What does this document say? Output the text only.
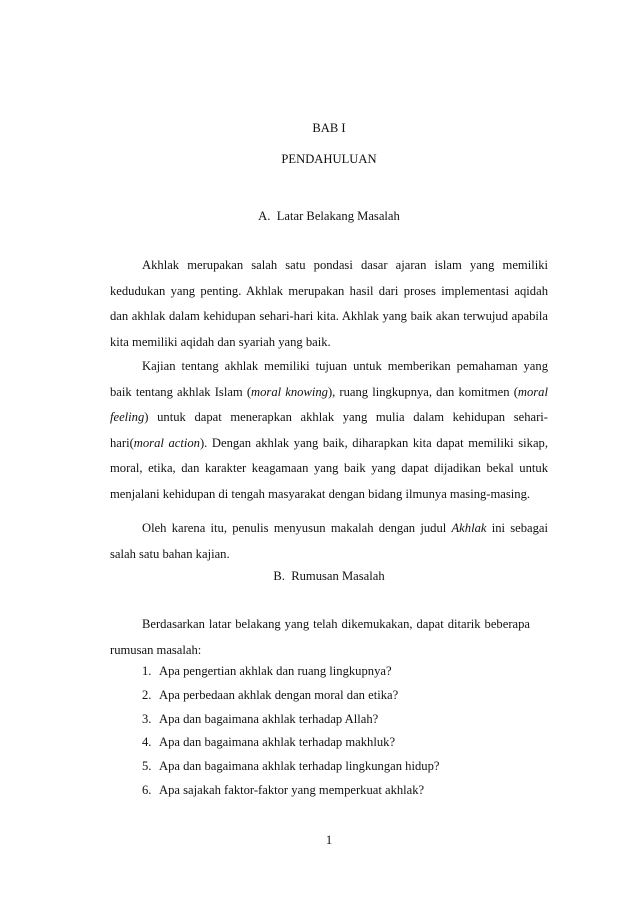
BAB I
PENDAHULUAN
A. Latar Belakang Masalah

Akhlak merupakan salah satu pondasi dasar ajaran islam yang memiliki kedudukan yang penting. Akhlak merupakan hasil dari proses implementasi aqidah dan akhlak dalam kehidupan sehari-hari kita. Akhlak yang baik akan terwujud apabila kita memiliki aqidah dan syariah yang baik.

Kajian tentang akhlak memiliki tujuan untuk memberikan pemahaman yang baik tentang akhlak Islam (moral knowing), ruang lingkupnya, dan komitmen (moral feeling) untuk dapat menerapkan akhlak yang mulia dalam kehidupan sehari-hari(moral action). Dengan akhlak yang baik, diharapkan kita dapat memiliki sikap, moral, etika, dan karakter keagamaan yang baik yang dapat dijadikan bekal untuk menjalani kehidupan di tengah masyarakat dengan bidang ilmunya masing-masing.

Oleh karena itu, penulis menyusun makalah dengan judul Akhlak ini sebagai salah satu bahan kajian.

B. Rumusan Masalah

Berdasarkan latar belakang yang telah dikemukakan, dapat ditarik beberapa rumusan masalah:

1. Apa pengertian akhlak dan ruang lingkupnya?
2. Apa perbedaan akhlak dengan moral dan etika?
3. Apa dan bagaimana akhlak terhadap Allah?
4. Apa dan bagaimana akhlak terhadap makhluk?
5. Apa dan bagaimana akhlak terhadap lingkungan hidup?
6. Apa sajakah faktor-faktor yang memperkuat akhlak?
1
